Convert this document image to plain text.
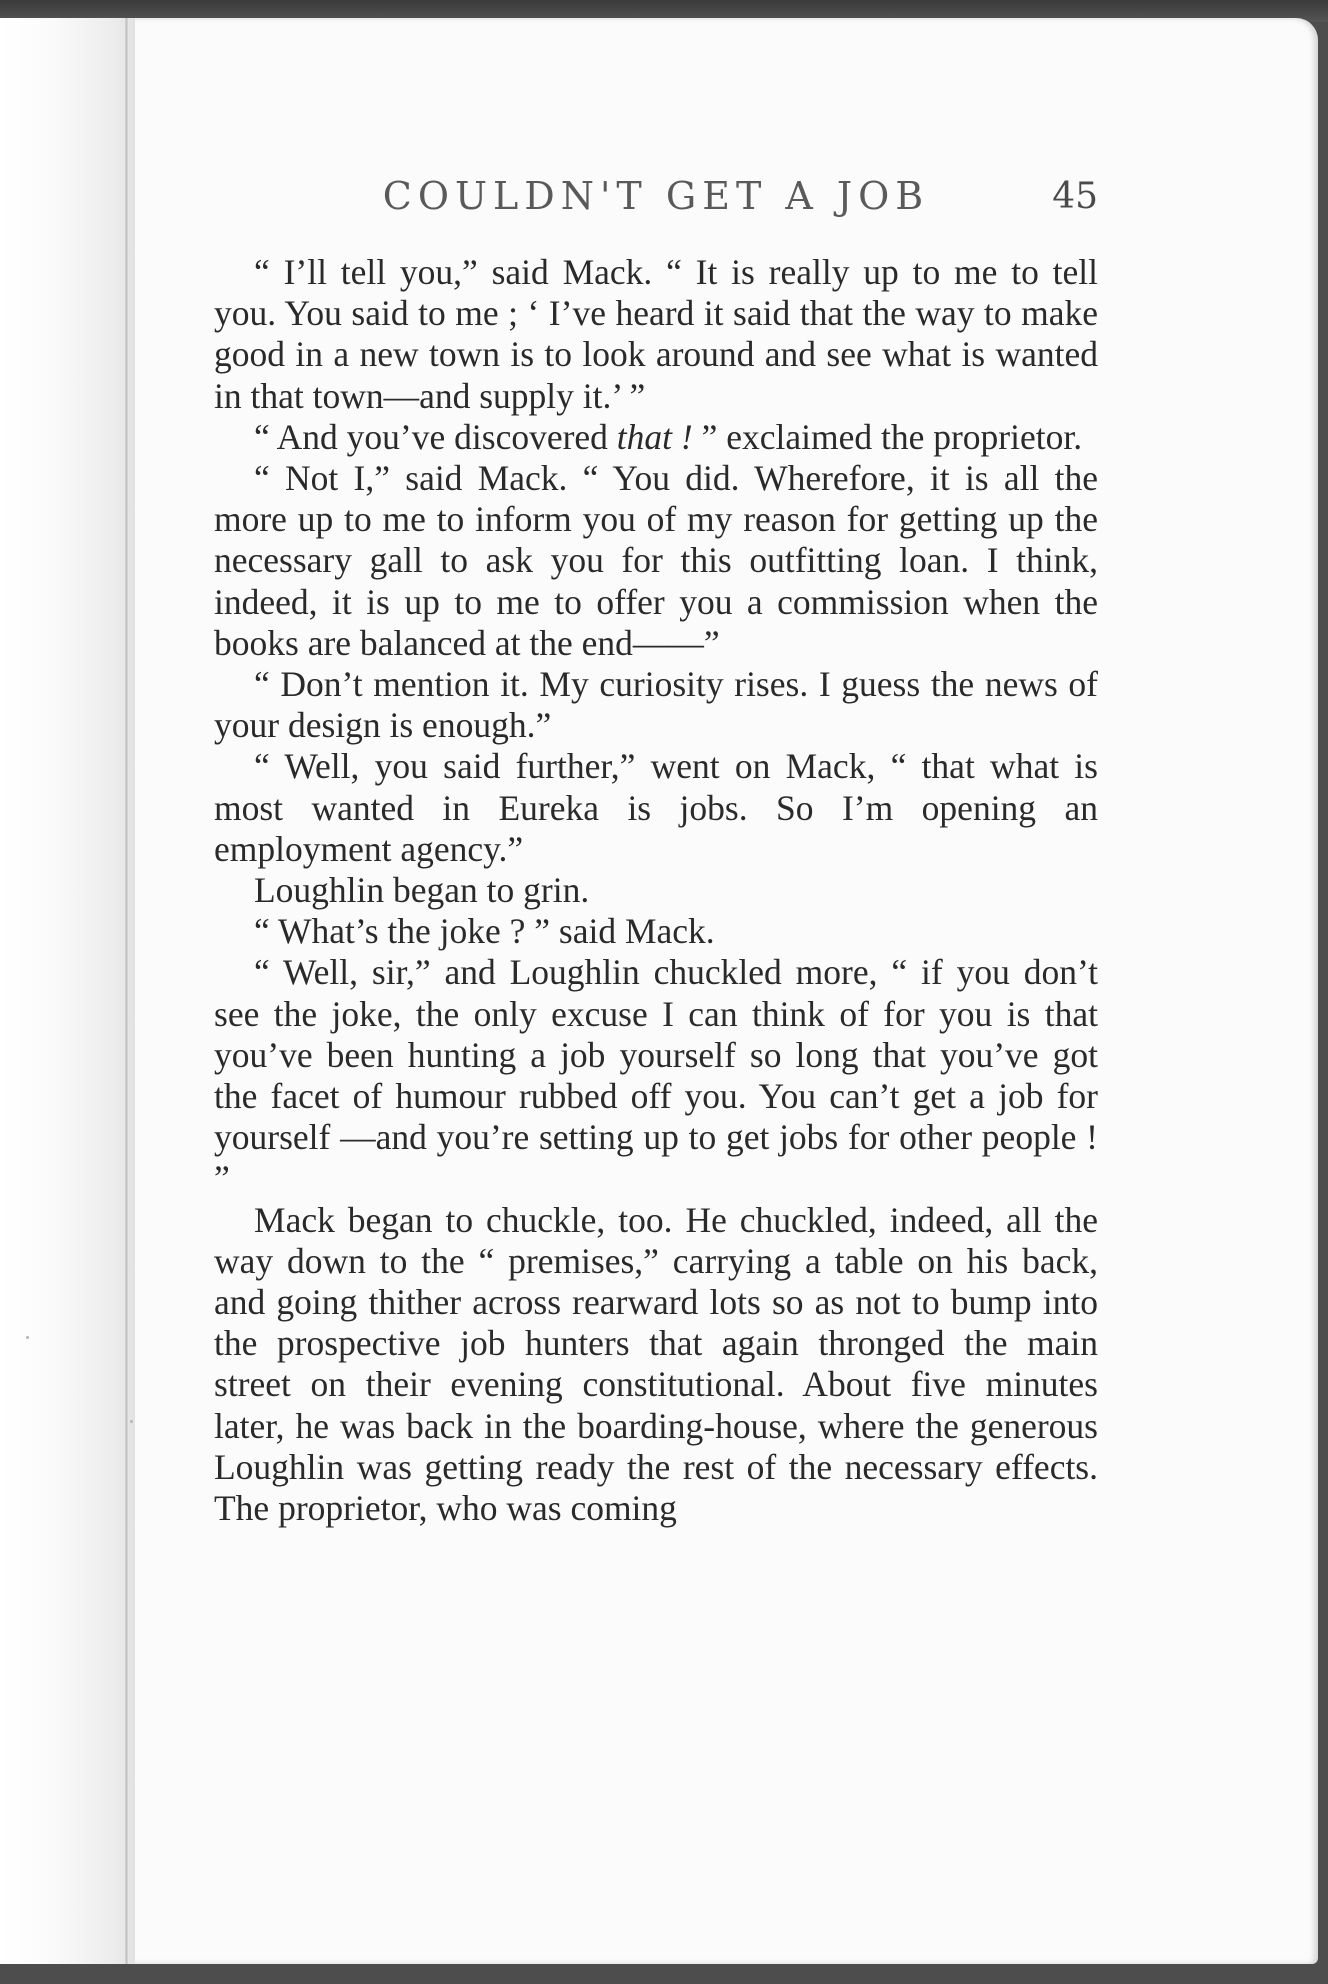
COULDN'T GET A JOB	45

“ I’ll tell you,” said Mack. “ It is really up to me to tell you. You said to me ; ‘ I’ve heard it said that the way to make good in a new town is to look around and see what is wanted in that town—and supply it.’ ”

“ And you’ve discovered that ! ” exclaimed the proprietor.

“ Not I,” said Mack. “ You did. Wherefore, it is all the more up to me to inform you of my reason for getting up the necessary gall to ask you for this outfitting loan. I think, indeed, it is up to me to offer you a commission when the books are balanced at the end——”

“ Don’t mention it. My curiosity rises. I guess the news of your design is enough.”

“ Well, you said further,” went on Mack, “ that what is most wanted in Eureka is jobs. So I’m opening an employment agency.”

Loughlin began to grin.

“ What’s the joke ? ” said Mack.

“ Well, sir,” and Loughlin chuckled more, “ if you don’t see the joke, the only excuse I can think of for you is that you’ve been hunting a job yourself so long that you’ve got the facet of humour rubbed off you. You can’t get a job for yourself —and you’re setting up to get jobs for other people ! ”

Mack began to chuckle, too. He chuckled, indeed, all the way down to the “ premises,” carrying a table on his back, and going thither across rearward lots so as not to bump into the prospective job hunters that again thronged the main street on their evening constitutional. About five minutes later, he was back in the boarding-house, where the generous Loughlin was getting ready the rest of the necessary effects. The proprietor, who was coming
